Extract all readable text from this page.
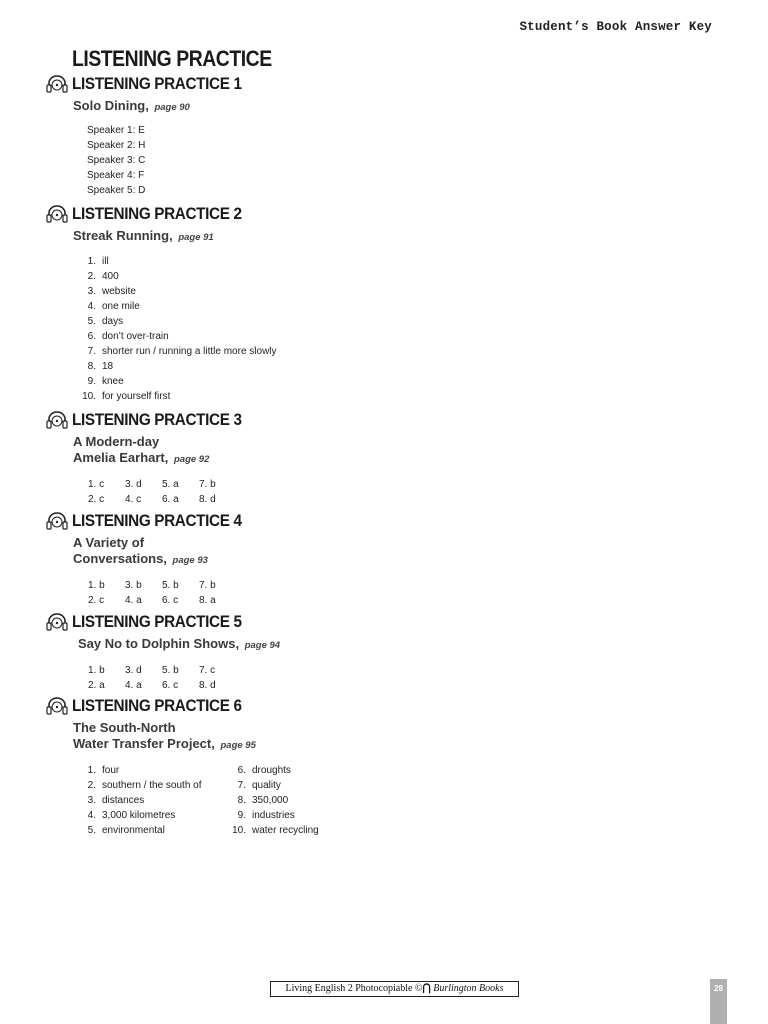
Student’s Book Answer Key
LISTENING PRACTICE
LISTENING PRACTICE 1
Solo Dining, page 90
Speaker 1: E
Speaker 2: H
Speaker 3: C
Speaker 4: F
Speaker 5: D
LISTENING PRACTICE 2
Streak Running, page 91
1. ill
2. 400
3. website
4. one mile
5. days
6. don’t over-train
7. shorter run / running a little more slowly
8. 18
9. knee
10. for yourself first
LISTENING PRACTICE 3
A Modern-day
Amelia Earhart, page 92
1. c 3. d 5. a 7. b
2. c 4. c 6. a 8. d
LISTENING PRACTICE 4
A Variety of
Conversations, page 93
1. b 3. b 5. b 7. b
2. c 4. a 6. c 8. a
LISTENING PRACTICE 5
Say No to Dolphin Shows, page 94
1. b 3. d 5. b 7. c
2. a 4. a 6. c 8. d
LISTENING PRACTICE 6
The South-North
Water Transfer Project, page 95
1. four
2. southern / the south of
3. distances
4. 3,000 kilometres
5. environmental
6. droughts
7. quality
8. 350,000
9. industries
10. water recycling
Living English 2 Photocopiable ©⋂ Burlington Books	28
